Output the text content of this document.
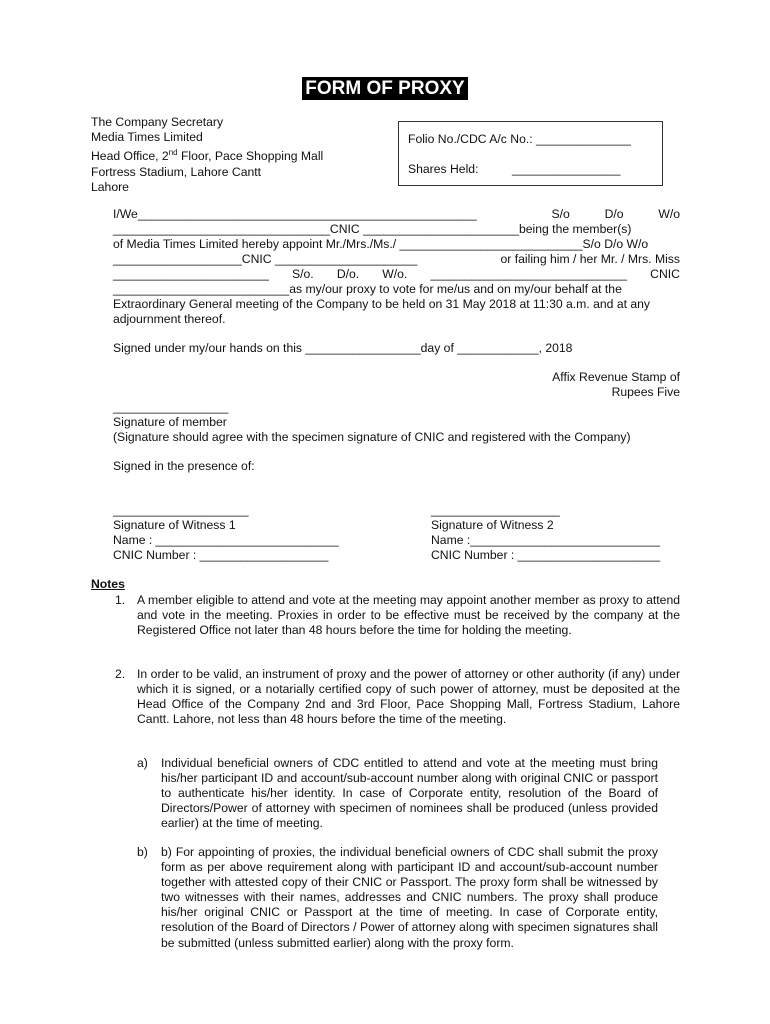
FORM OF PROXY
The Company Secretary
Media Times Limited
Head Office, 2nd Floor, Pace Shopping Mall
Fortress Stadium, Lahore Cantt
Lahore
Folio No./CDC A/c No.: ______________
Shares Held:	________________
I/We__________________________________________________	S/o	D/o	W/o
________________________________CNIC _______________________being the member(s)
of Media Times Limited hereby appoint Mr./Mrs./Ms./ ___________________________S/o D/o W/o
___________________CNIC _____________________	or failing him / her Mr. / Mrs. Miss
_______________________ S/o. D/o. W/o. _____________________________ CNIC
__________________________as my/our proxy to vote for me/us and on my/our behalf at the
Extraordinary General meeting of the Company to be held on 31 May 2018 at 11:30 a.m. and at any
adjournment thereof.
Signed under my/our hands on this _________________day of ____________, 2018
Affix Revenue Stamp of
Rupees Five
_________________
Signature of member
(Signature should agree with the specimen signature of CNIC and registered with the Company)
Signed in the presence of:
____________________
Signature of Witness 1
Name : ___________________________
CNIC Number : ___________________
___________________
Signature of Witness 2
Name :____________________________
CNIC Number : _____________________
Notes
1. A member eligible to attend and vote at the meeting may appoint another member as proxy to attend and vote in the meeting. Proxies in order to be effective must be received by the company at the Registered Office not later than 48 hours before the time for holding the meeting.
2. In order to be valid, an instrument of proxy and the power of attorney or other authority (if any) under which it is signed, or a notarially certified copy of such power of attorney, must be deposited at the Head Office of the Company 2nd and 3rd Floor, Pace Shopping Mall, Fortress Stadium, Lahore Cantt. Lahore, not less than 48 hours before the time of the meeting.
a) Individual beneficial owners of CDC entitled to attend and vote at the meeting must bring his/her participant ID and account/sub-account number along with original CNIC or passport to authenticate his/her identity. In case of Corporate entity, resolution of the Board of Directors/Power of attorney with specimen of nominees shall be produced (unless provided earlier) at the time of meeting.
b) b) For appointing of proxies, the individual beneficial owners of CDC shall submit the proxy form as per above requirement along with participant ID and account/sub-account number together with attested copy of their CNIC or Passport. The proxy form shall be witnessed by two witnesses with their names, addresses and CNIC numbers. The proxy shall produce his/her original CNIC or Passport at the time of meeting. In case of Corporate entity, resolution of the Board of Directors / Power of attorney along with specimen signatures shall be submitted (unless submitted earlier) along with the proxy form.
